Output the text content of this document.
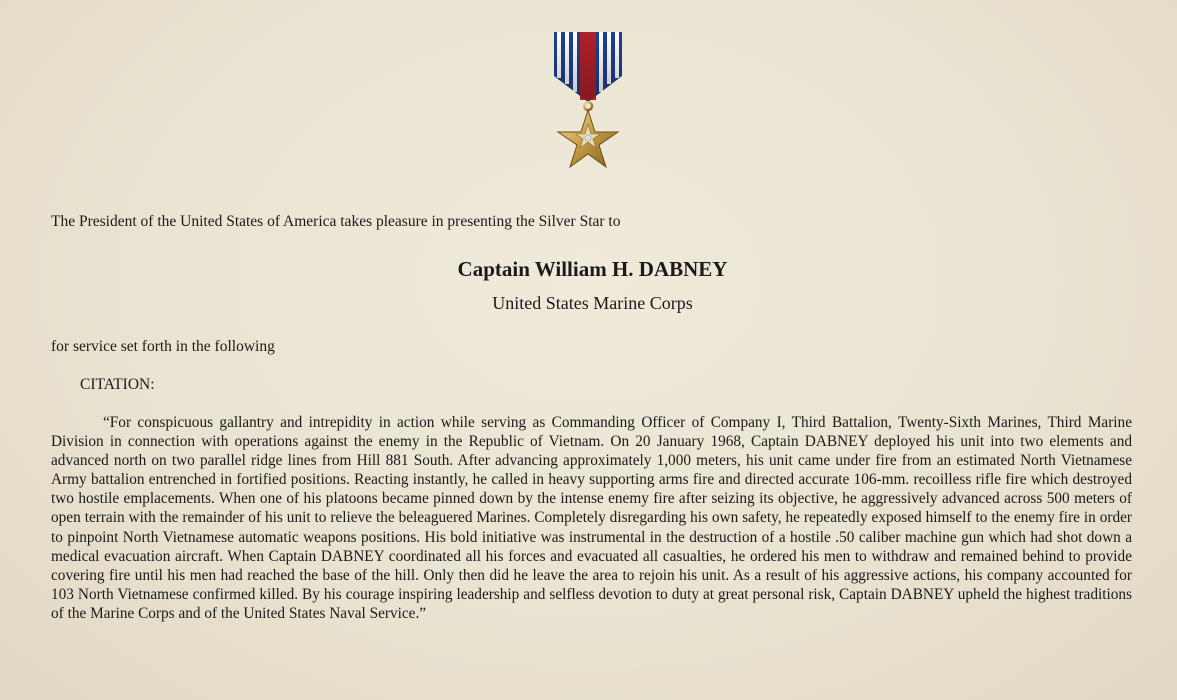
The President of the United States of America takes pleasure in presenting the Silver Star to
Captain William H. DABNEY
United States Marine Corps
for service set forth in the following
CITATION:
“For conspicuous gallantry and intrepidity in action while serving as Commanding Officer of Company I, Third Battalion, Twenty-Sixth Marines, Third Marine Division in connection with operations against the enemy in the Republic of Vietnam. On 20 January 1968, Captain DABNEY deployed his unit into two elements and advanced north on two parallel ridge lines from Hill 881 South. After advancing approximately 1,000 meters, his unit came under fire from an estimated North Vietnamese Army battalion entrenched in fortified positions. Reacting instantly, he called in heavy supporting arms fire and directed accurate 106-mm. recoilless rifle fire which destroyed two hostile emplacements. When one of his platoons became pinned down by the intense enemy fire after seizing its objective, he aggressively advanced across 500 meters of open terrain with the remainder of his unit to relieve the beleaguered Marines. Completely disregarding his own safety, he repeatedly exposed himself to the enemy fire in order to pinpoint North Vietnamese automatic weapons positions. His bold initiative was instrumental in the destruction of a hostile .50 caliber machine gun which had shot down a medical evacuation aircraft. When Captain DABNEY coordinated all his forces and evacuated all casualties, he ordered his men to withdraw and remained behind to provide covering fire until his men had reached the base of the hill. Only then did he leave the area to rejoin his unit. As a result of his aggressive actions, his company accounted for 103 North Vietnamese confirmed killed. By his courage inspiring leadership and selfless devotion to duty at great personal risk, Captain DABNEY upheld the highest traditions of the Marine Corps and of the United States Naval Service.”
